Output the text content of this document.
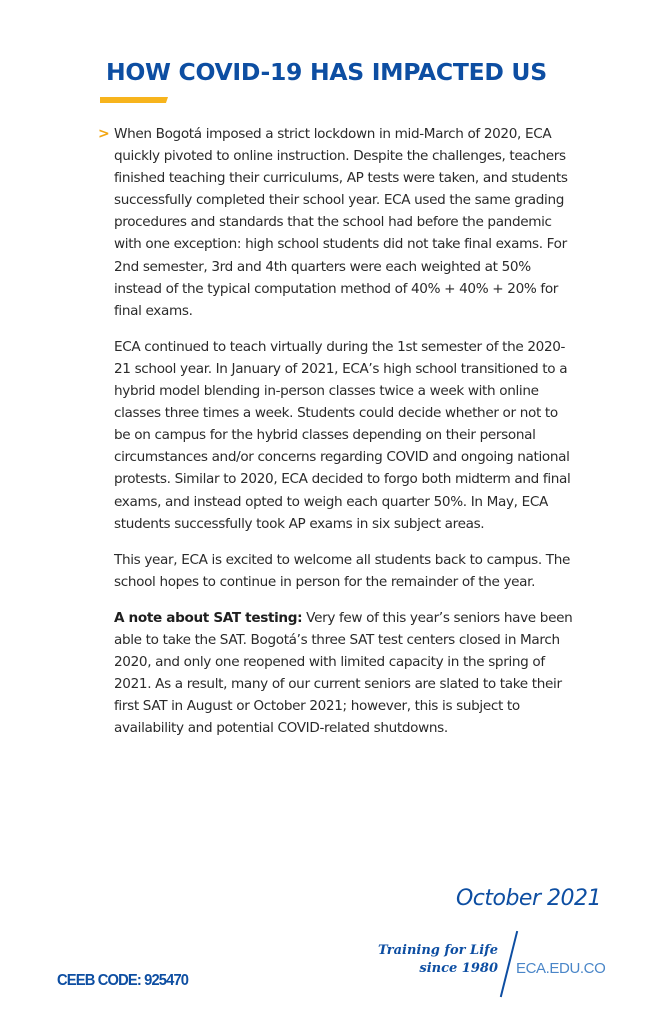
HOW COVID-19 HAS IMPACTED US

> When Bogotá imposed a strict lockdown in mid-March of 2020, ECA quickly pivoted to online instruction. Despite the challenges, teachers finished teaching their curriculums, AP tests were taken, and students successfully completed their school year. ECA used the same grading procedures and standards that the school had before the pandemic with one exception: high school students did not take final exams. For 2nd semester, 3rd and 4th quarters were each weighted at 50% instead of the typical computation method of 40% + 40% + 20% for final exams.

ECA continued to teach virtually during the 1st semester of the 2020-21 school year. In January of 2021, ECA’s high school transitioned to a hybrid model blending in-person classes twice a week with online classes three times a week. Students could decide whether or not to be on campus for the hybrid classes depending on their personal circumstances and/or concerns regarding COVID and ongoing national protests. Similar to 2020, ECA decided to forgo both midterm and final exams, and instead opted to weigh each quarter 50%. In May, ECA students successfully took AP exams in six subject areas.

This year, ECA is excited to welcome all students back to campus. The school hopes to continue in person for the remainder of the year.

A note about SAT testing: Very few of this year’s seniors have been able to take the SAT. Bogotá’s three SAT test centers closed in March 2020, and only one reopened with limited capacity in the spring of 2021. As a result, many of our current seniors are slated to take their first SAT in August or October 2021; however, this is subject to availability and potential COVID-related shutdowns.

October 2021
Training for Life
since 1980 ECA.EDU.CO
CEEB CODE: 925470
